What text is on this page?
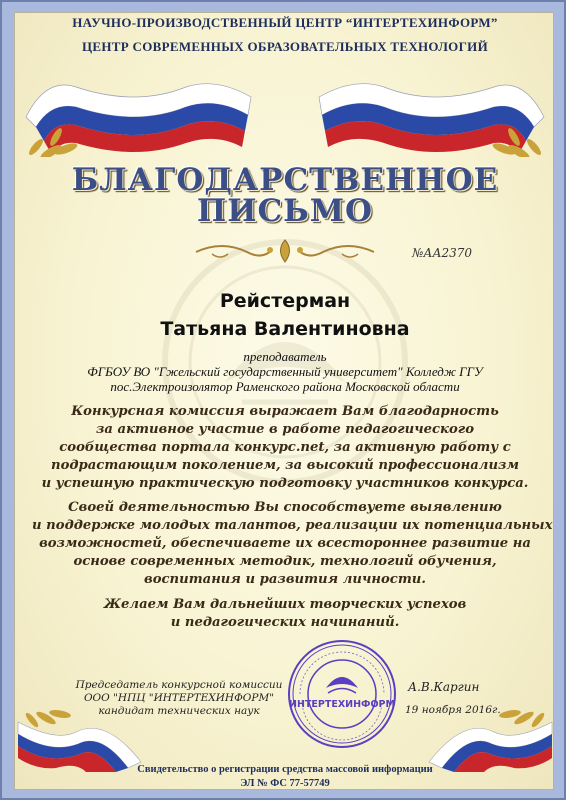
НАУЧНО-ПРОИЗВОДСТВЕННЫЙ ЦЕНТР “ИНТЕРТЕХИНФОРМ”
ЦЕНТР СОВРЕМЕННЫХ ОБРАЗОВАТЕЛЬНЫХ ТЕХНОЛОГИЙ
БЛАГОДАРСТВЕННОЕ
ПИСЬМО
№АА2370
Рейстерман
Татьяна Валентиновна
преподаватель
ФГБОУ ВО "Гжельский государственный университет" Колледж ГГУ
пос.Электроизолятор Раменского района Московской области
Конкурсная комиссия выражает Вам благодарность
за активное участие в работе педагогического
сообщества портала конкурс.net, за активную работу с
подрастающим поколением, за высокий профессионализм
и успешную практическую подготовку участников конкурса.
Своей деятельностью Вы способствуете выявлению
и поддержке молодых талантов, реализации их потенциальных
возможностей, обеспечиваете их всестороннее развитие на
основе современных методик, технологий обучения,
воспитания и развития личности.
Желаем Вам дальнейших творческих успехов
и педагогических начинаний.
Председатель конкурсной комиссии
ООО "НПЦ "ИНТЕРТЕХИНФОРМ"
кандидат технических наук
ИНТЕРТЕХИНФОРМ
А.В.Каргин
19 ноября 2016г.
Свидетельство о регистрации средства массовой информации
ЭЛ № ФС 77-57749
